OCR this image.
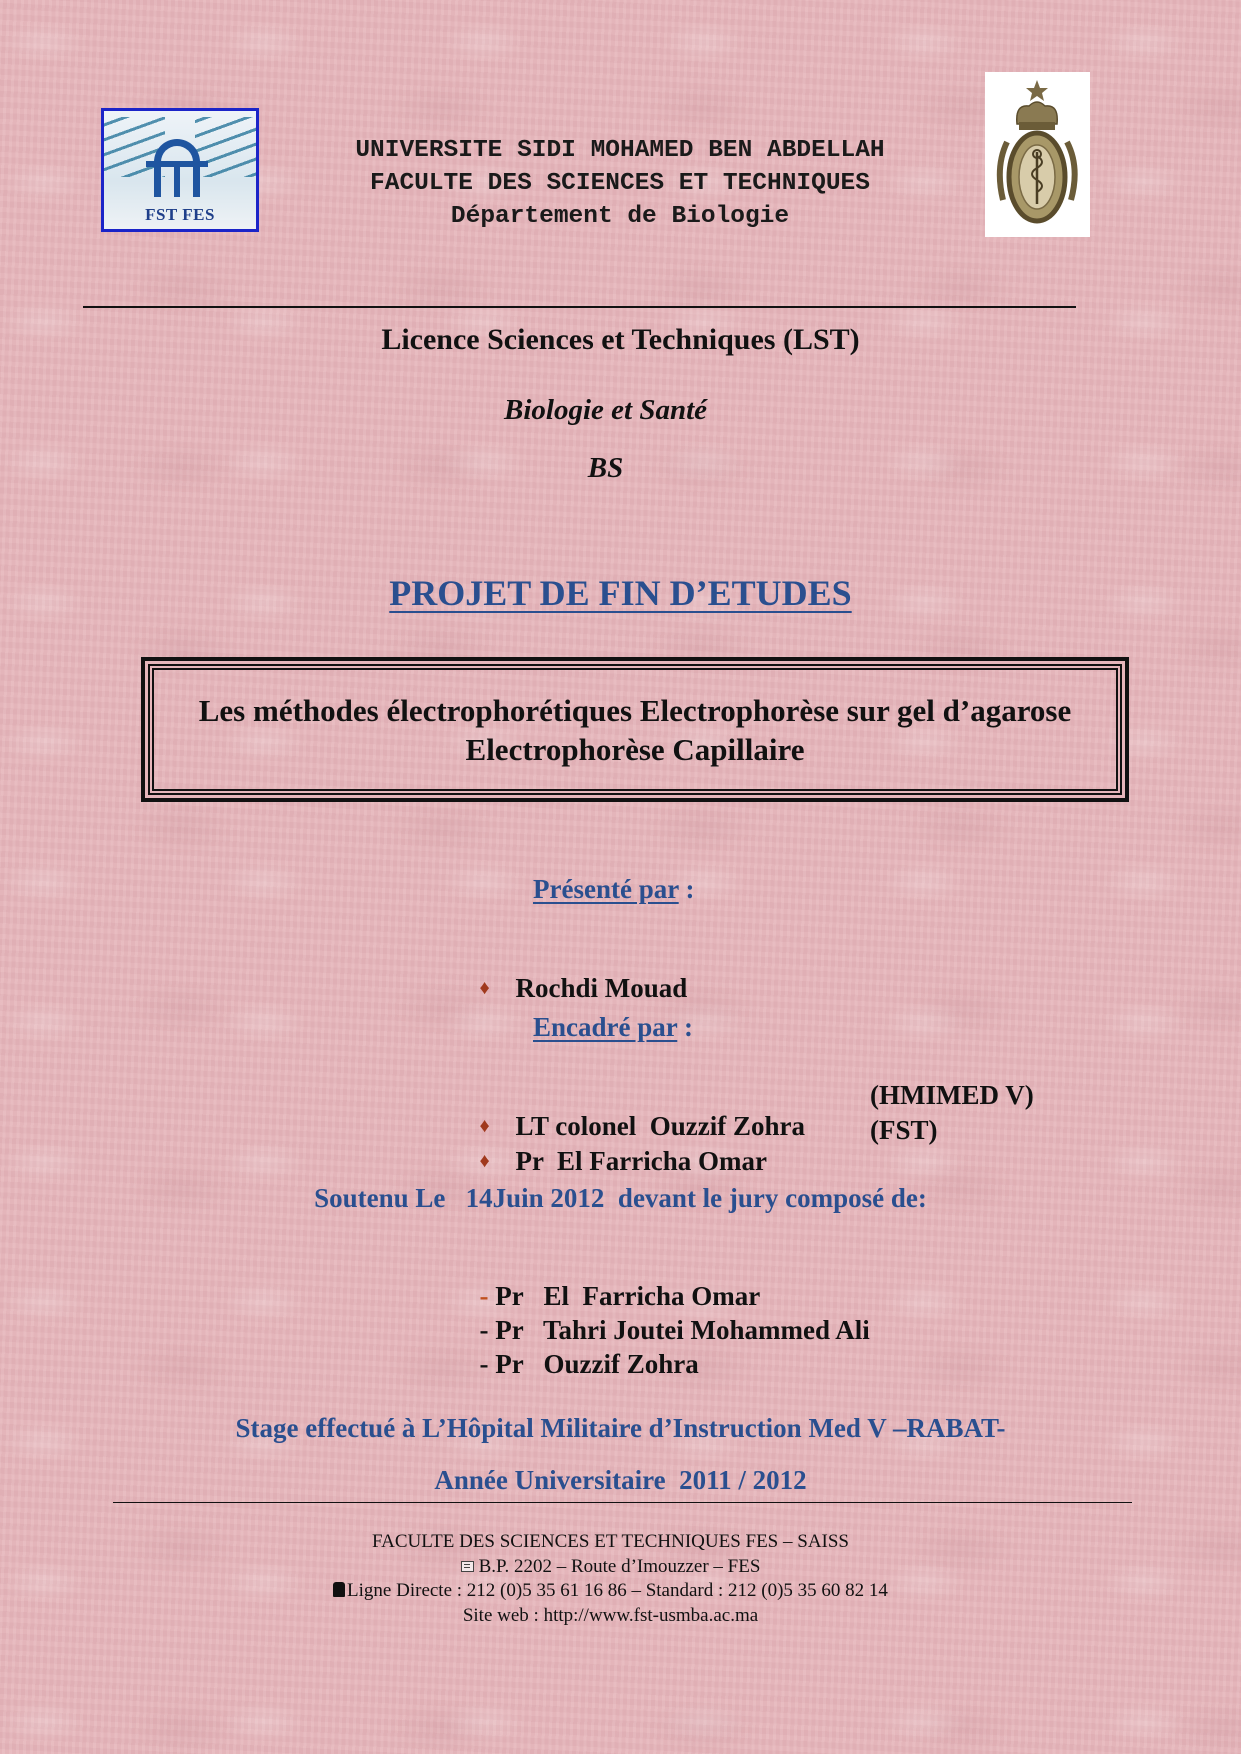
FST FES
UNIVERSITE SIDI MOHAMED BEN ABDELLAH
FACULTE DES SCIENCES ET TECHNIQUES
Département de Biologie
Licence Sciences et Techniques (LST)
Biologie et Santé
BS
PROJET DE FIN D’ETUDES
Les méthodes électrophorétiques Electrophorèse sur gel d’agarose Electrophorèse Capillaire
Présenté par :

♦ Rochdi Mouad

Encadré par :

♦ LT colonel  Ouzzif Zohra

(HMIMED V)

♦ Pr  El Farricha Omar

(FST)
Soutenu Le   14Juin 2012  devant le jury composé de:

- Pr El  Farricha Omar

- Pr Tahri Joutei Mohammed Ali

- Pr Ouzzif Zohra

Stage effectué à L’Hôpital Militaire d’Instruction Med V –RABAT-
Année Universitaire  2011 / 2012
FACULTE DES SCIENCES ET TECHNIQUES FES – SAISS
B.P. 2202 – Route d’Imouzzer – FES
Ligne Directe : 212 (0)5 35 61 16 86 – Standard : 212 (0)5 35 60 82 14
Site web : http://www.fst-usmba.ac.ma
